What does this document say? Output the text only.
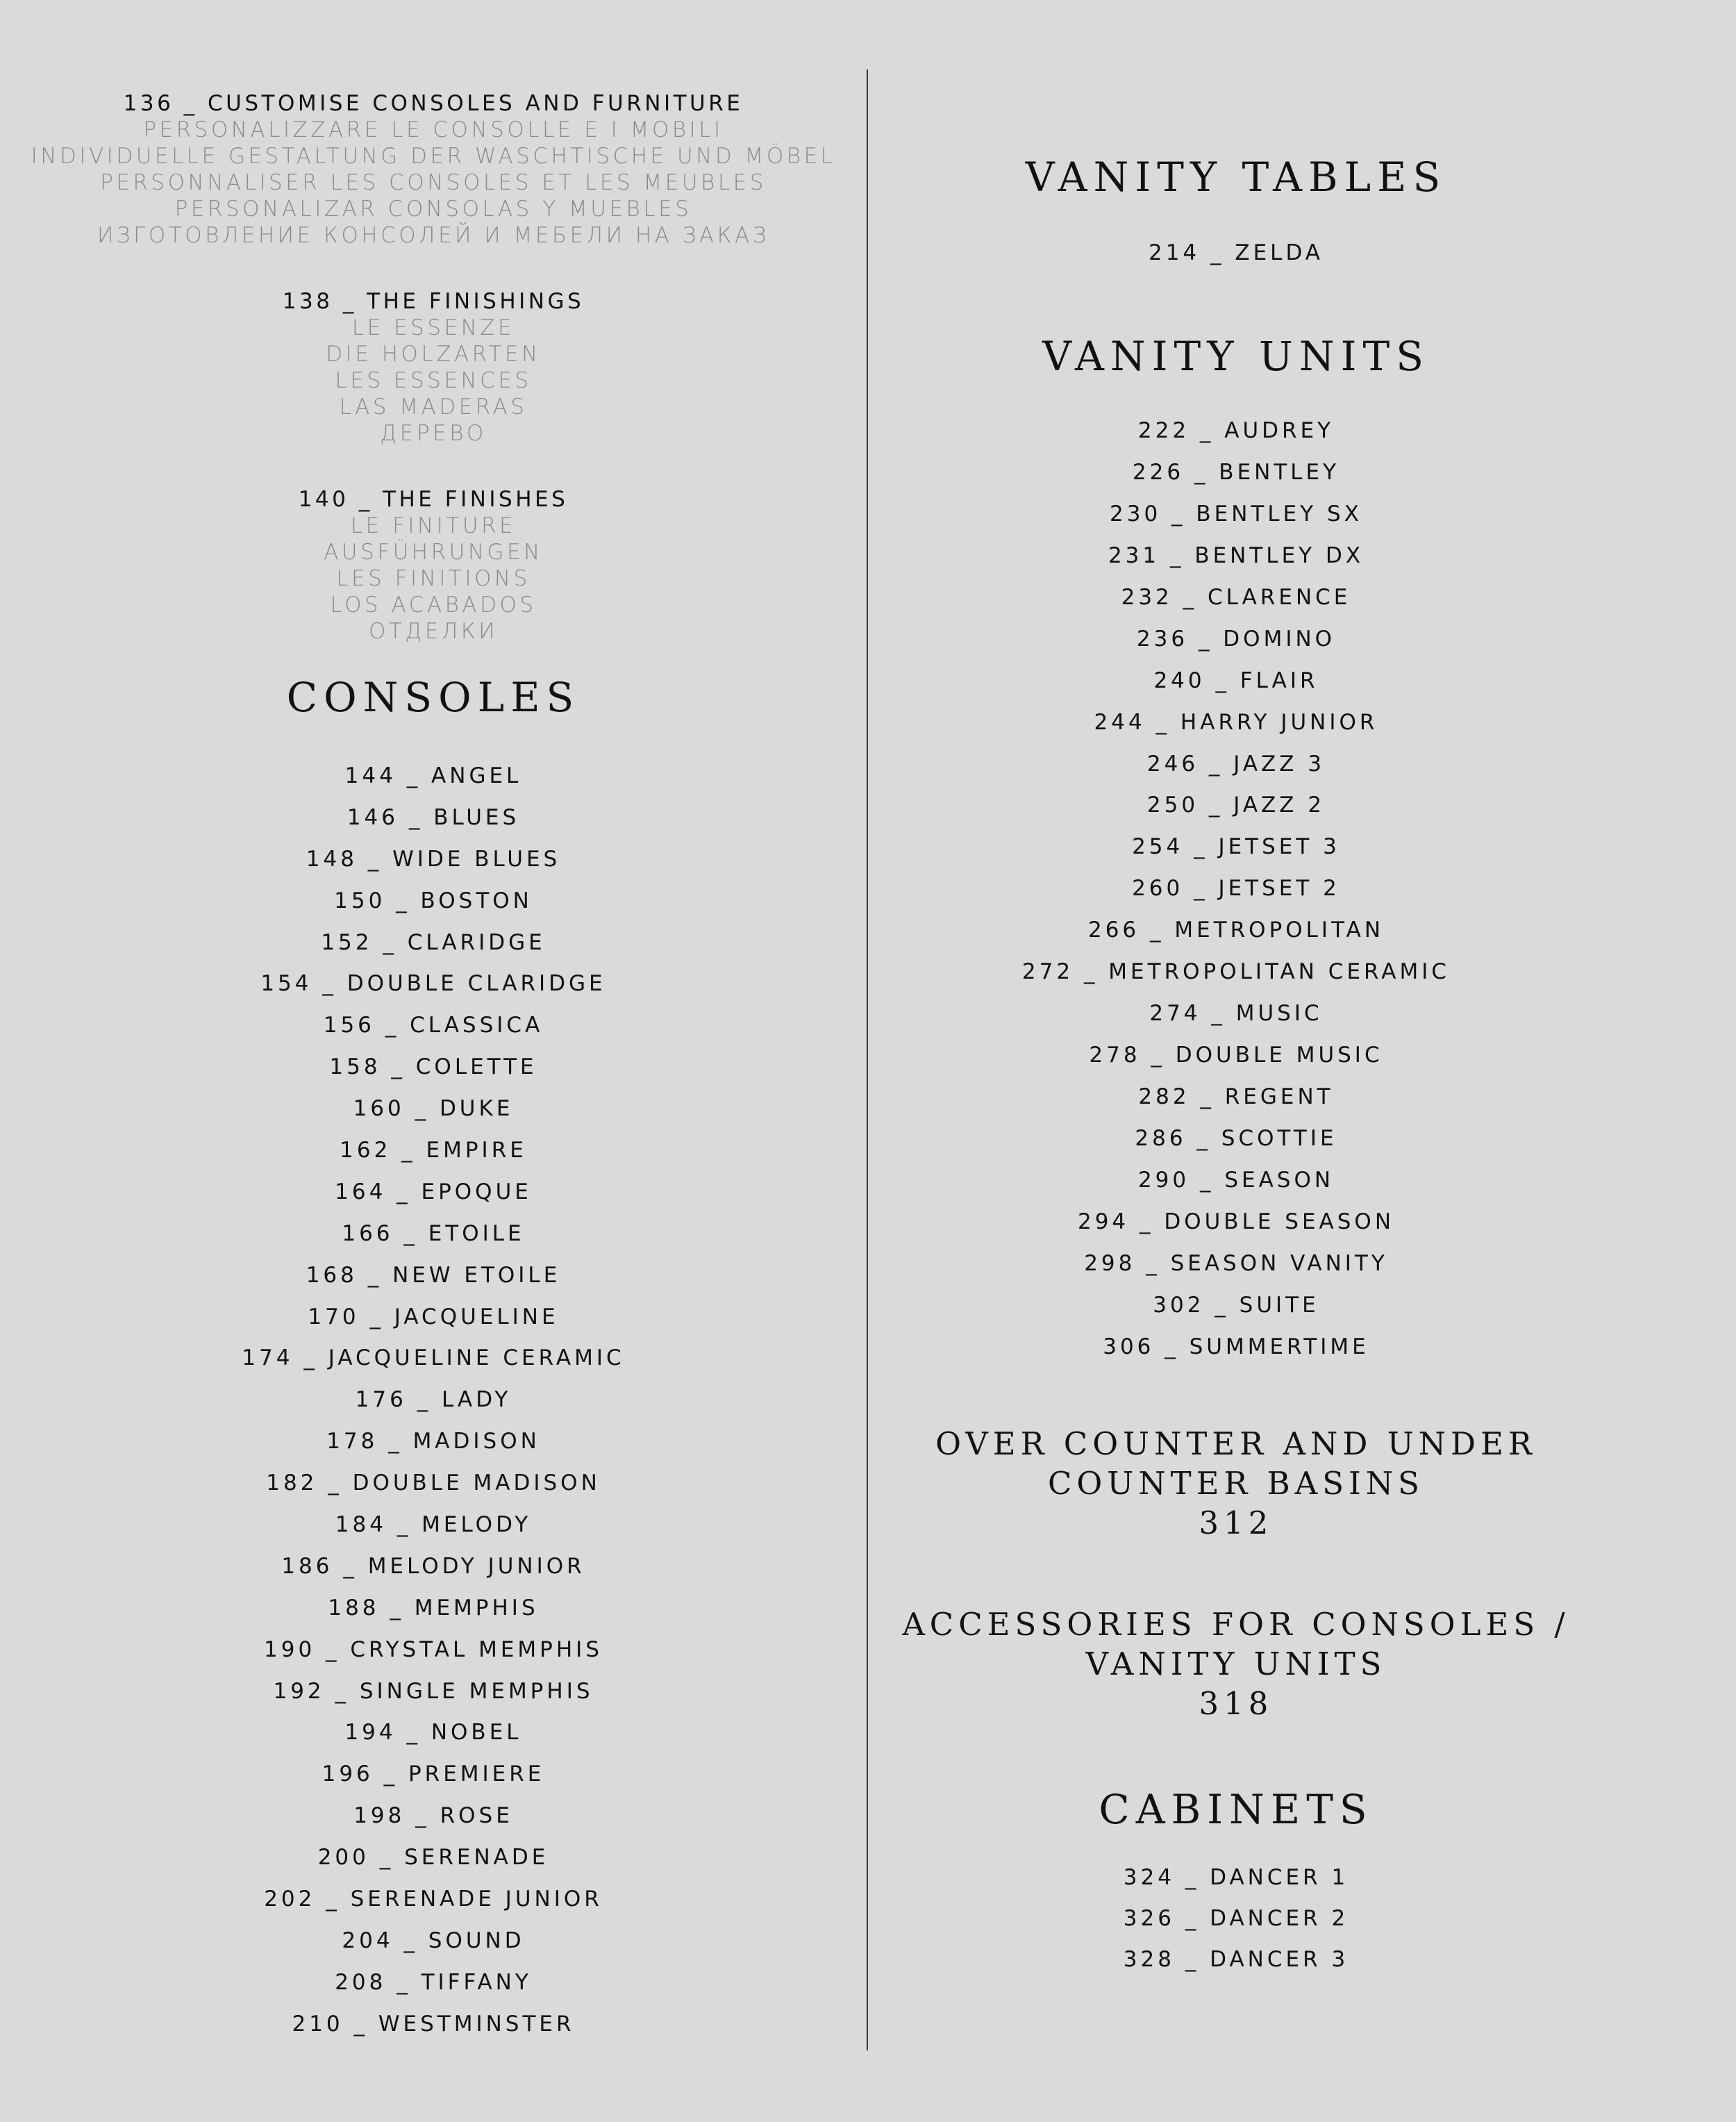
136 _ CUSTOMISE CONSOLES AND FURNITURE
PERSONALIZZARE LE CONSOLLE E I MOBILI
INDIVIDUELLE GESTALTUNG DER WASCHTISCHE UND MÖBEL
PERSONNALISER LES CONSOLES ET LES MEUBLES
PERSONALIZAR CONSOLAS Y MUEBLES
ИЗГОТОВЛЕНИЕ КОНСОЛЕЙ И МЕБЕЛИ НА ЗАКАЗ
138 _ THE FINISHINGS
LE ESSENZE
DIE HOLZARTEN
LES ESSENCES
LAS MADERAS
ДЕРЕВО
140 _ THE FINISHES
LE FINITURE
AUSFÜHRUNGEN
LES FINITIONS
LOS ACABADOS
ОТДЕЛКИ
CONSOLES
144 _ ANGEL
146 _ BLUES
148 _ WIDE BLUES
150 _ BOSTON
152 _ CLARIDGE
154 _ DOUBLE CLARIDGE
156 _ CLASSICA
158 _ COLETTE
160 _ DUKE
162 _ EMPIRE
164 _ EPOQUE
166 _ ETOILE
168 _ NEW ETOILE
170 _ JACQUELINE
174 _ JACQUELINE CERAMIC
176 _ LADY
178 _ MADISON
182 _ DOUBLE MADISON
184 _ MELODY
186 _ MELODY JUNIOR
188 _ MEMPHIS
190 _ CRYSTAL MEMPHIS
192 _ SINGLE MEMPHIS
194 _ NOBEL
196 _ PREMIERE
198 _ ROSE
200 _ SERENADE
202 _ SERENADE JUNIOR
204 _ SOUND
208 _ TIFFANY
210 _ WESTMINSTER
VANITY TABLES
214 _ ZELDA
VANITY UNITS
222 _ AUDREY
226 _ BENTLEY
230 _ BENTLEY SX
231 _ BENTLEY DX
232 _ CLARENCE
236 _ DOMINO
240 _ FLAIR
244 _ HARRY JUNIOR
246 _ JAZZ 3
250 _ JAZZ 2
254 _ JETSET 3
260 _ JETSET 2
266 _ METROPOLITAN
272 _ METROPOLITAN CERAMIC
274 _ MUSIC
278 _ DOUBLE MUSIC
282 _ REGENT
286 _ SCOTTIE
290 _ SEASON
294 _ DOUBLE SEASON
298 _ SEASON VANITY
302 _ SUITE
306 _ SUMMERTIME
OVER COUNTER AND UNDER
COUNTER BASINS
312
ACCESSORIES FOR CONSOLES /
VANITY UNITS
318
CABINETS
324 _ DANCER 1
326 _ DANCER 2
328 _ DANCER 3
